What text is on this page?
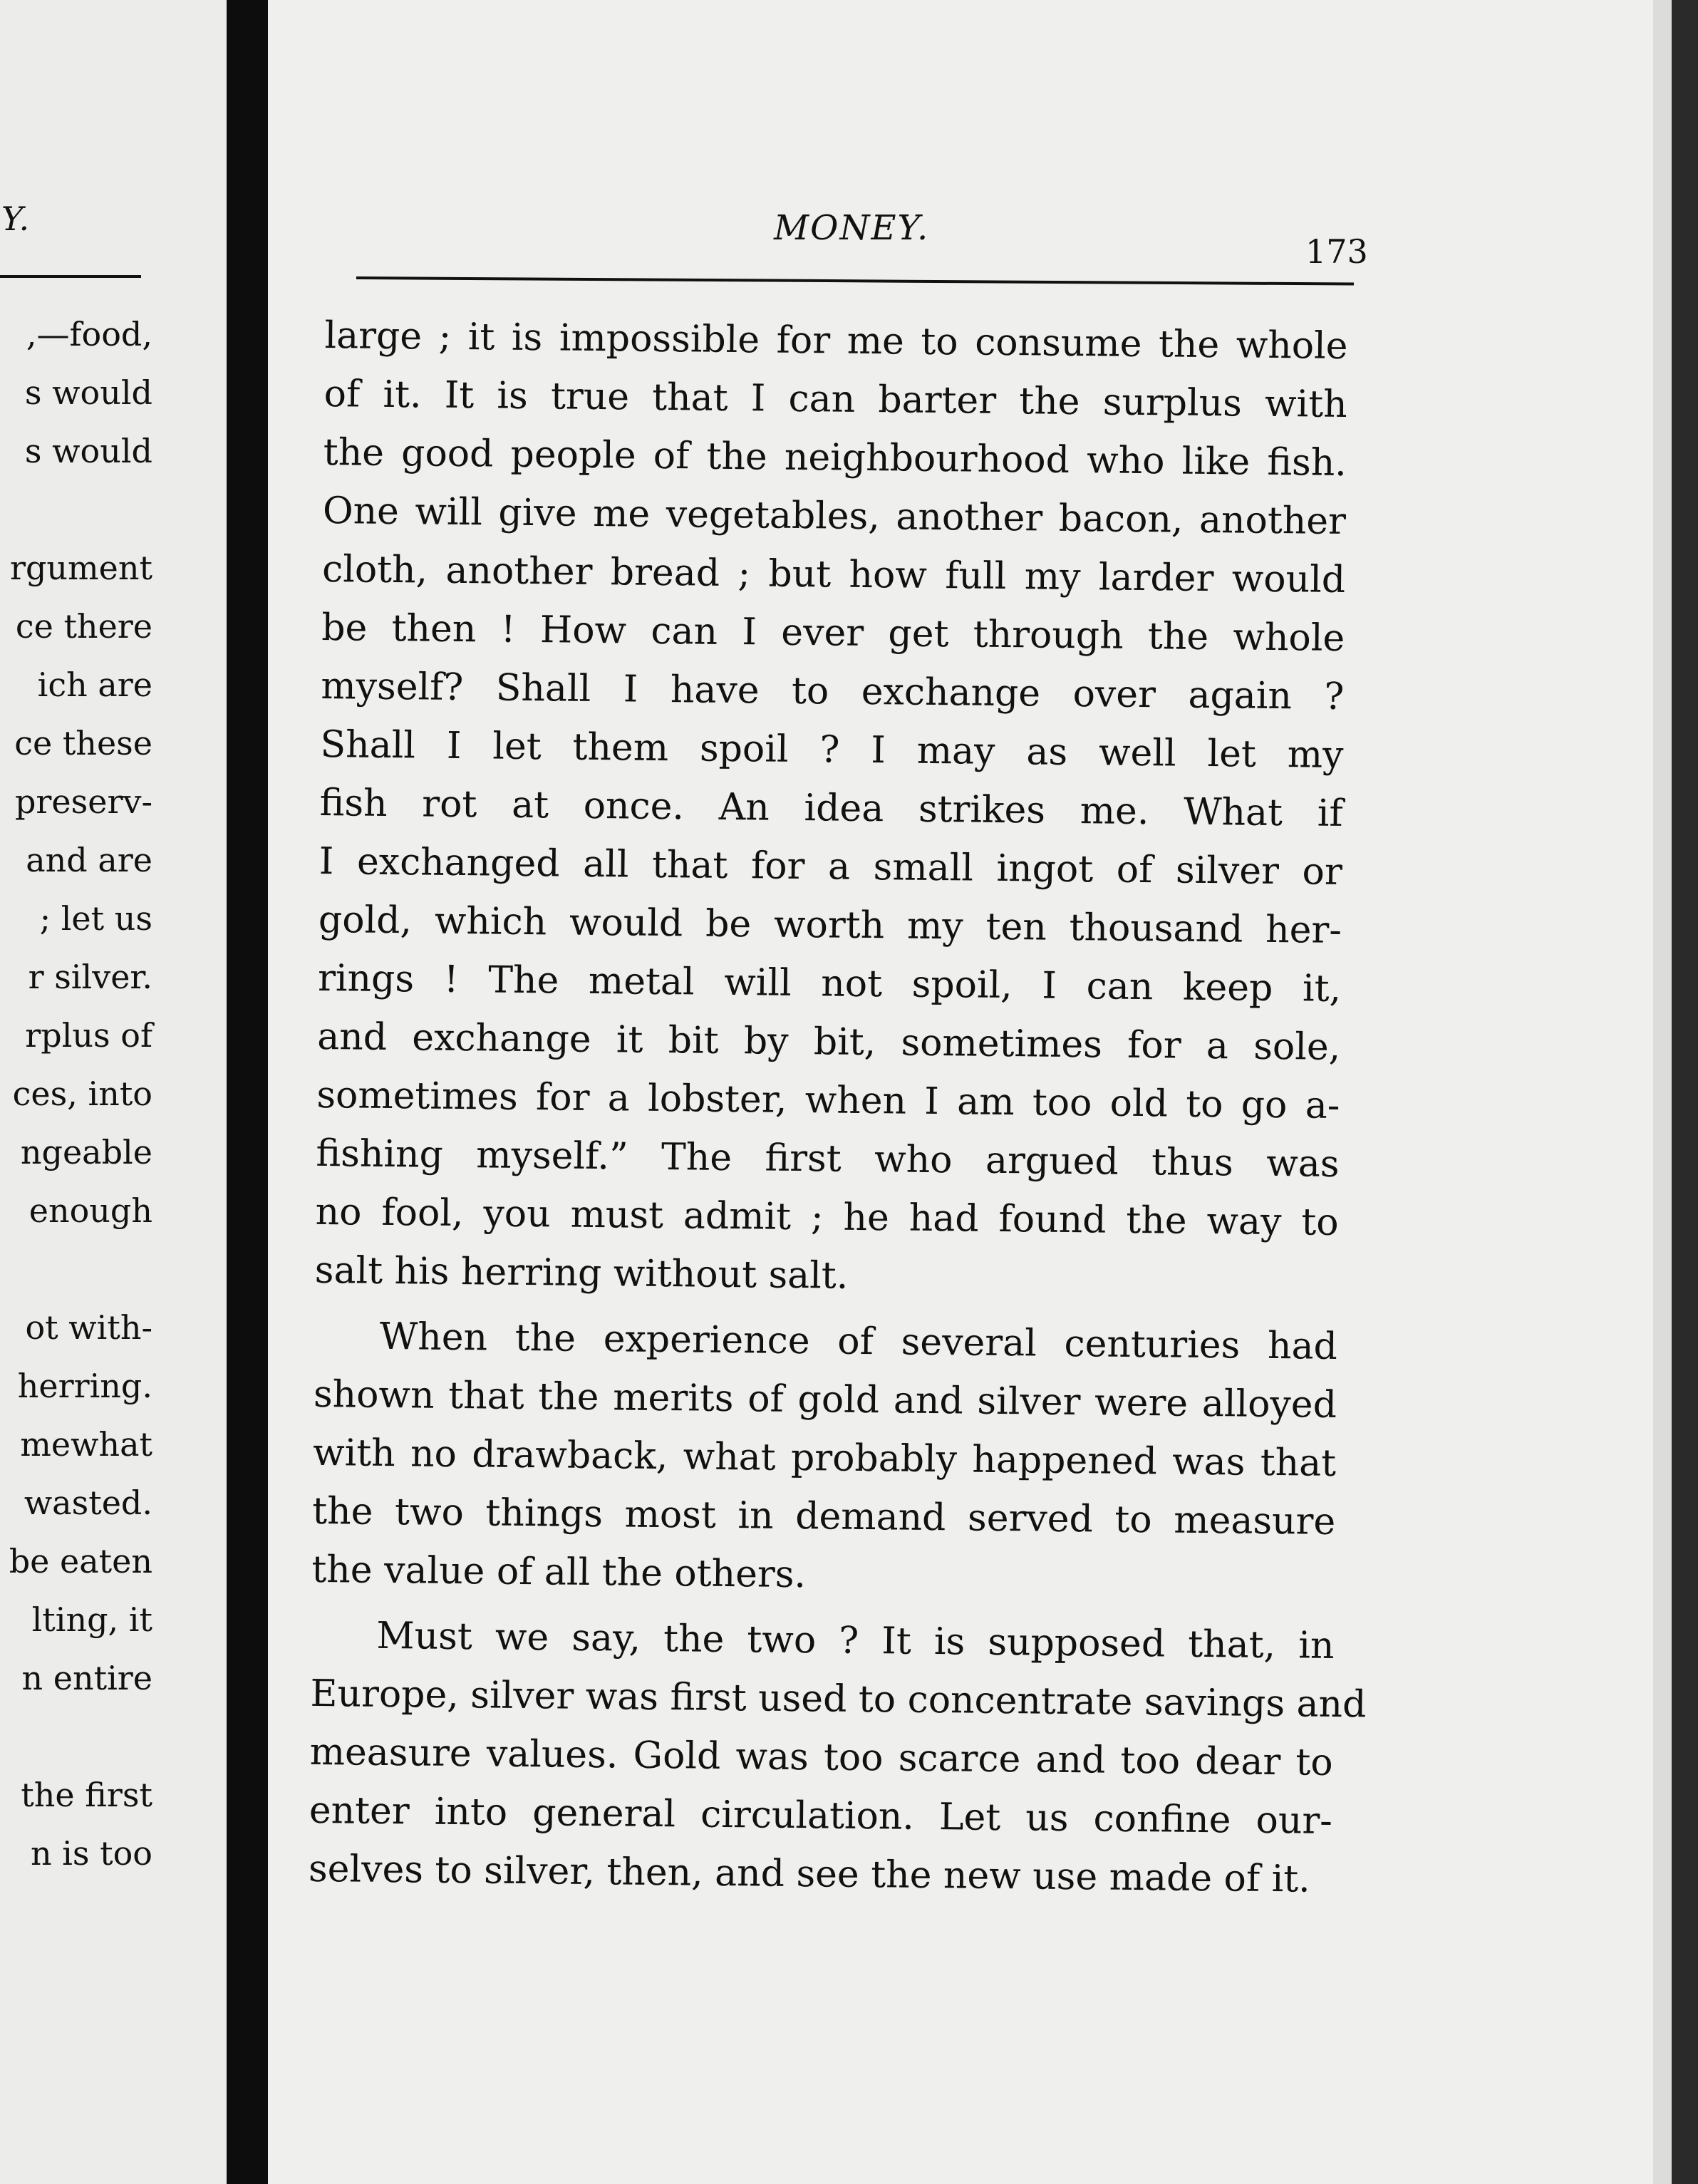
Y.
,—food,
s would
s would
rgument
ce there
ich are
ce these
preserv-
and are
; let us
r silver.
rplus of
ces, into
ngeable
enough
ot with-
herring.
mewhat
wasted.
be eaten
lting, it
n entire
the first
n is too
MONEY.
173
large ; it is impossible for me to consume the whole
of it. It is true that I can barter the surplus with
the good people of the neighbourhood who like fish.
One will give me vegetables, another bacon, another
cloth, another bread ; but how full my larder would
be then ! How can I ever get through the whole
myself? Shall I have to exchange over again ?
Shall I let them spoil ? I may as well let my
fish rot at once. An idea strikes me. What if
I exchanged all that for a small ingot of silver or
gold, which would be worth my ten thousand her-
rings ! The metal will not spoil, I can keep it,
and exchange it bit by bit, sometimes for a sole,
sometimes for a lobster, when I am too old to go a-
fishing myself.” The first who argued thus was
no fool, you must admit ; he had found the way to
salt his herring without salt.
When the experience of several centuries had
shown that the merits of gold and silver were alloyed
with no drawback, what probably happened was that
the two things most in demand served to measure
the value of all the others.
Must we say, the two ? It is supposed that, in
Europe, silver was first used to concentrate savings and
measure values. Gold was too scarce and too dear to
enter into general circulation. Let us confine our-
selves to silver, then, and see the new use made of it.
